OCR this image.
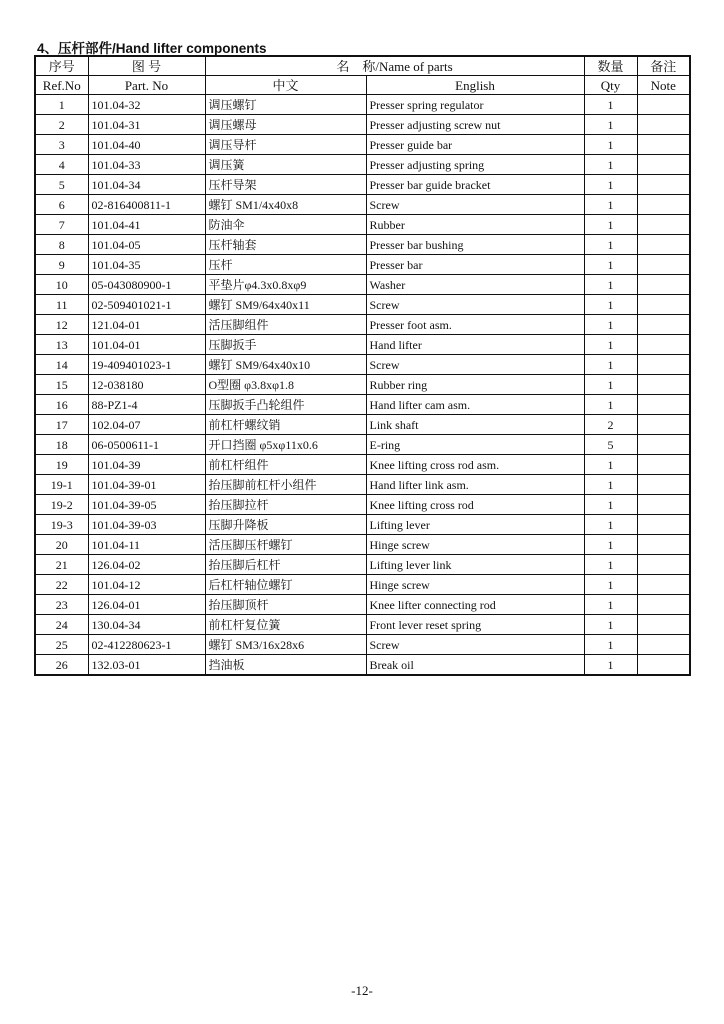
4、压杆部件/Hand lifter components
序号	图 号	名　称/Name of parts		数量	备注
Ref.No	Part. No	中文	English	Qty	Note
1	101.04-32	调压螺钉	Presser spring regulator	1	
2	101.04-31	调压螺母	Presser adjusting screw nut	1	
3	101.04-40	调压导杆	Presser guide bar	1	
4	101.04-33	调压簧	Presser adjusting spring	1	
5	101.04-34	压杆导架	Presser bar guide bracket	1	
6	02-816400811-1	螺钉 SM1/4x40x8	Screw	1	
7	101.04-41	防油伞	Rubber	1	
8	101.04-05	压杆轴套	Presser bar bushing	1	
9	101.04-35	压杆	Presser bar	1	
10	05-043080900-1	平垫片φ4.3x0.8xφ9	Washer	1	
11	02-509401021-1	螺钉 SM9/64x40x11	Screw	1	
12	121.04-01	活压脚组件	Presser foot asm.	1	
13	101.04-01	压脚扳手	Hand lifter	1	
14	19-409401023-1	螺钉 SM9/64x40x10	Screw	1	
15	12-038180	O型圈 φ3.8xφ1.8	Rubber ring	1	
16	88-PZ1-4	压脚扳手凸轮组件	Hand lifter cam asm.	1	
17	102.04-07	前杠杆螺纹销	Link shaft	2	
18	06-0500611-1	开口挡圈 φ5xφ11x0.6	E-ring	5	
19	101.04-39	前杠杆组件	Knee lifting cross rod asm.	1	
19-1	101.04-39-01	抬压脚前杠杆小组件	Hand lifter link asm.	1	
19-2	101.04-39-05	抬压脚拉杆	Knee lifting cross rod	1	
19-3	101.04-39-03	压脚升降板	Lifting lever	1	
20	101.04-11	活压脚压杆螺钉	Hinge screw	1	
21	126.04-02	抬压脚后杠杆	Lifting lever link	1	
22	101.04-12	后杠杆轴位螺钉	Hinge screw	1	
23	126.04-01	抬压脚顶杆	Knee lifter connecting rod	1	
24	130.04-34	前杠杆复位簧	Front lever reset spring	1	
25	02-412280623-1	螺钉 SM3/16x28x6	Screw	1	
26	132.03-01	挡油板	Break oil	1	
-12-
